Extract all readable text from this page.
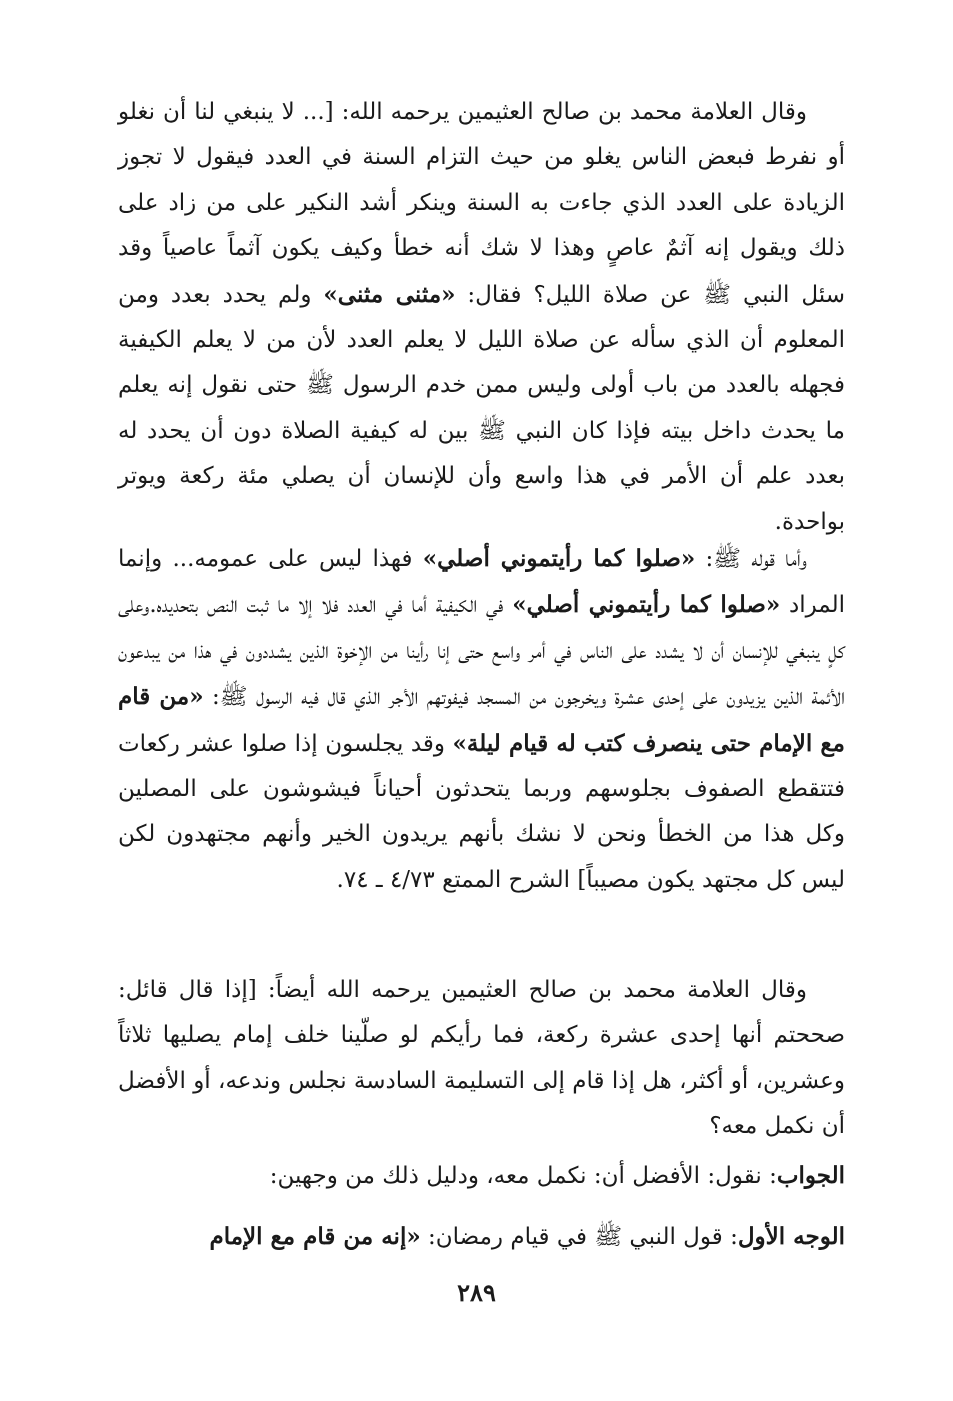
وقال العلامة محمد بن صالح العثيمين يرحمه الله: [... لا ينبغي لنا أن نغلو أو نفرط فبعض الناس يغلو من حيث التزام السنة في العدد فيقول لا تجوز الزيادة على العدد الذي جاءت به السنة وينكر أشد النكير على من زاد على ذلك ويقول إنه آثمٌ عاصٍ وهذا لا شك أنه خطأ وكيف يكون آثماً عاصياً وقد سئل النبي ﷺ عن صلاة الليل؟ فقال: «مثنى مثنى» ولم يحدد بعدد ومن المعلوم أن الذي سأله عن صلاة الليل لا يعلم العدد لأن من لا يعلم الكيفية فجهله بالعدد من باب أولى وليس ممن خدم الرسول ﷺ حتى نقول إنه يعلم ما يحدث داخل بيته فإذا كان النبي ﷺ بين له كيفية الصلاة دون أن يحدد له بعدد علم أن الأمر في هذا واسع وأن للإنسان أن يصلي مئة ركعة ويوتر بواحدة.

وأما قوله ﷺ: «صلوا كما رأيتموني أصلي» فهذا ليس على عمومه... وإنما المراد «صلوا كما رأيتموني أصلي» في الكيفية أما في العدد فلا إلا ما ثبت النص بتحديده.وعلى كلٍ ينبغي للإنسان أن لا يشدد على الناس في أمر واسع حتى إنا رأينا من الإخوة الذين يشددون في هذا من يبدعون الأئمة الذين يزيدون على إحدى عشرة ويخرجون من المسجد فيفوتهم الأجر الذي قال فيه الرسول ﷺ: «من قام مع الإمام حتى ينصرف كتب له قيام ليلة» وقد يجلسون إذا صلوا عشر ركعات فتتقطع الصفوف بجلوسهم وربما يتحدثون أحياناً فيشوشون على المصلين وكل هذا من الخطأ ونحن لا نشك بأنهم يريدون الخير وأنهم مجتهدون لكن ليس كل مجتهد يكون مصيباً] الشرح الممتع ٤/٧٣ ـ ٧٤.

وقال العلامة محمد بن صالح العثيمين يرحمه الله أيضاً: [إذا قال قائل: صححتم أنها إحدى عشرة ركعة، فما رأيكم لو صلّينا خلف إمام يصليها ثلاثاً وعشرين، أو أكثر، هل إذا قام إلى التسليمة السادسة نجلس وندعه، أو الأفضل أن نكمل معه؟

الجواب: نقول: الأفضل أن: نكمل معه، ودليل ذلك من وجهين:

الوجه الأول: قول النبي ﷺ في قيام رمضان: «إنه من قام مع الإمام

٢٨٩
